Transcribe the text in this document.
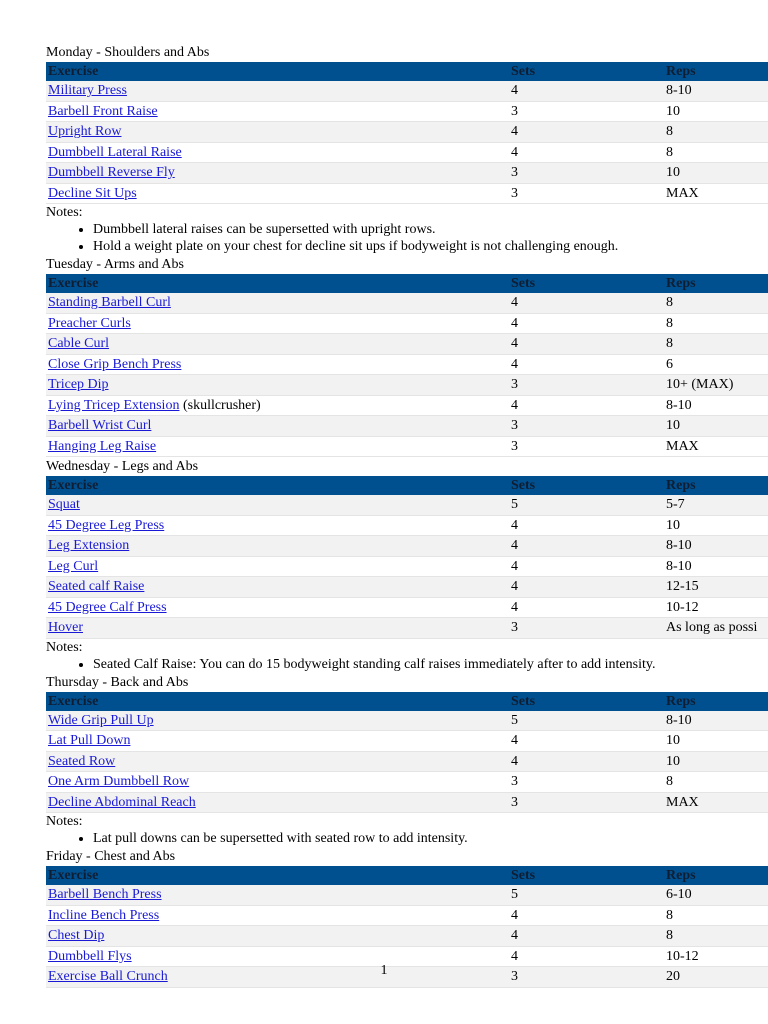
Monday - Shoulders and Abs
Exercise	Sets	Reps
Military Press	4	8-10
Barbell Front Raise	3	10
Upright Row	4	8
Dumbbell Lateral Raise	4	8
Dumbbell Reverse Fly	3	10
Decline Sit Ups	3	MAX
Notes:
• Dumbbell lateral raises can be supersetted with upright rows.
• Hold a weight plate on your chest for decline sit ups if bodyweight is not challenging enough.
Tuesday - Arms and Abs
Exercise	Sets	Reps
Standing Barbell Curl	4	8
Preacher Curls	4	8
Cable Curl	4	8
Close Grip Bench Press	4	6
Tricep Dip	3	10+ (MAX)
Lying Tricep Extension (skullcrusher)	4	8-10
Barbell Wrist Curl	3	10
Hanging Leg Raise	3	MAX
Wednesday - Legs and Abs
Exercise	Sets	Reps
Squat	5	5-7
45 Degree Leg Press	4	10
Leg Extension	4	8-10
Leg Curl	4	8-10
Seated calf Raise	4	12-15
45 Degree Calf Press	4	10-12
Hover	3	As long as possi
Notes:
• Seated Calf Raise: You can do 15 bodyweight standing calf raises immediately after to add intensity.
Thursday - Back and Abs
Exercise	Sets	Reps
Wide Grip Pull Up	5	8-10
Lat Pull Down	4	10
Seated Row	4	10
One Arm Dumbbell Row	3	8
Decline Abdominal Reach	3	MAX
Notes:
• Lat pull downs can be supersetted with seated row to add intensity.
Friday - Chest and Abs
Exercise	Sets	Reps
Barbell Bench Press	5	6-10
Incline Bench Press	4	8
Chest Dip	4	8
Dumbbell Flys	4	10-12
Exercise Ball Crunch	3	20
1
